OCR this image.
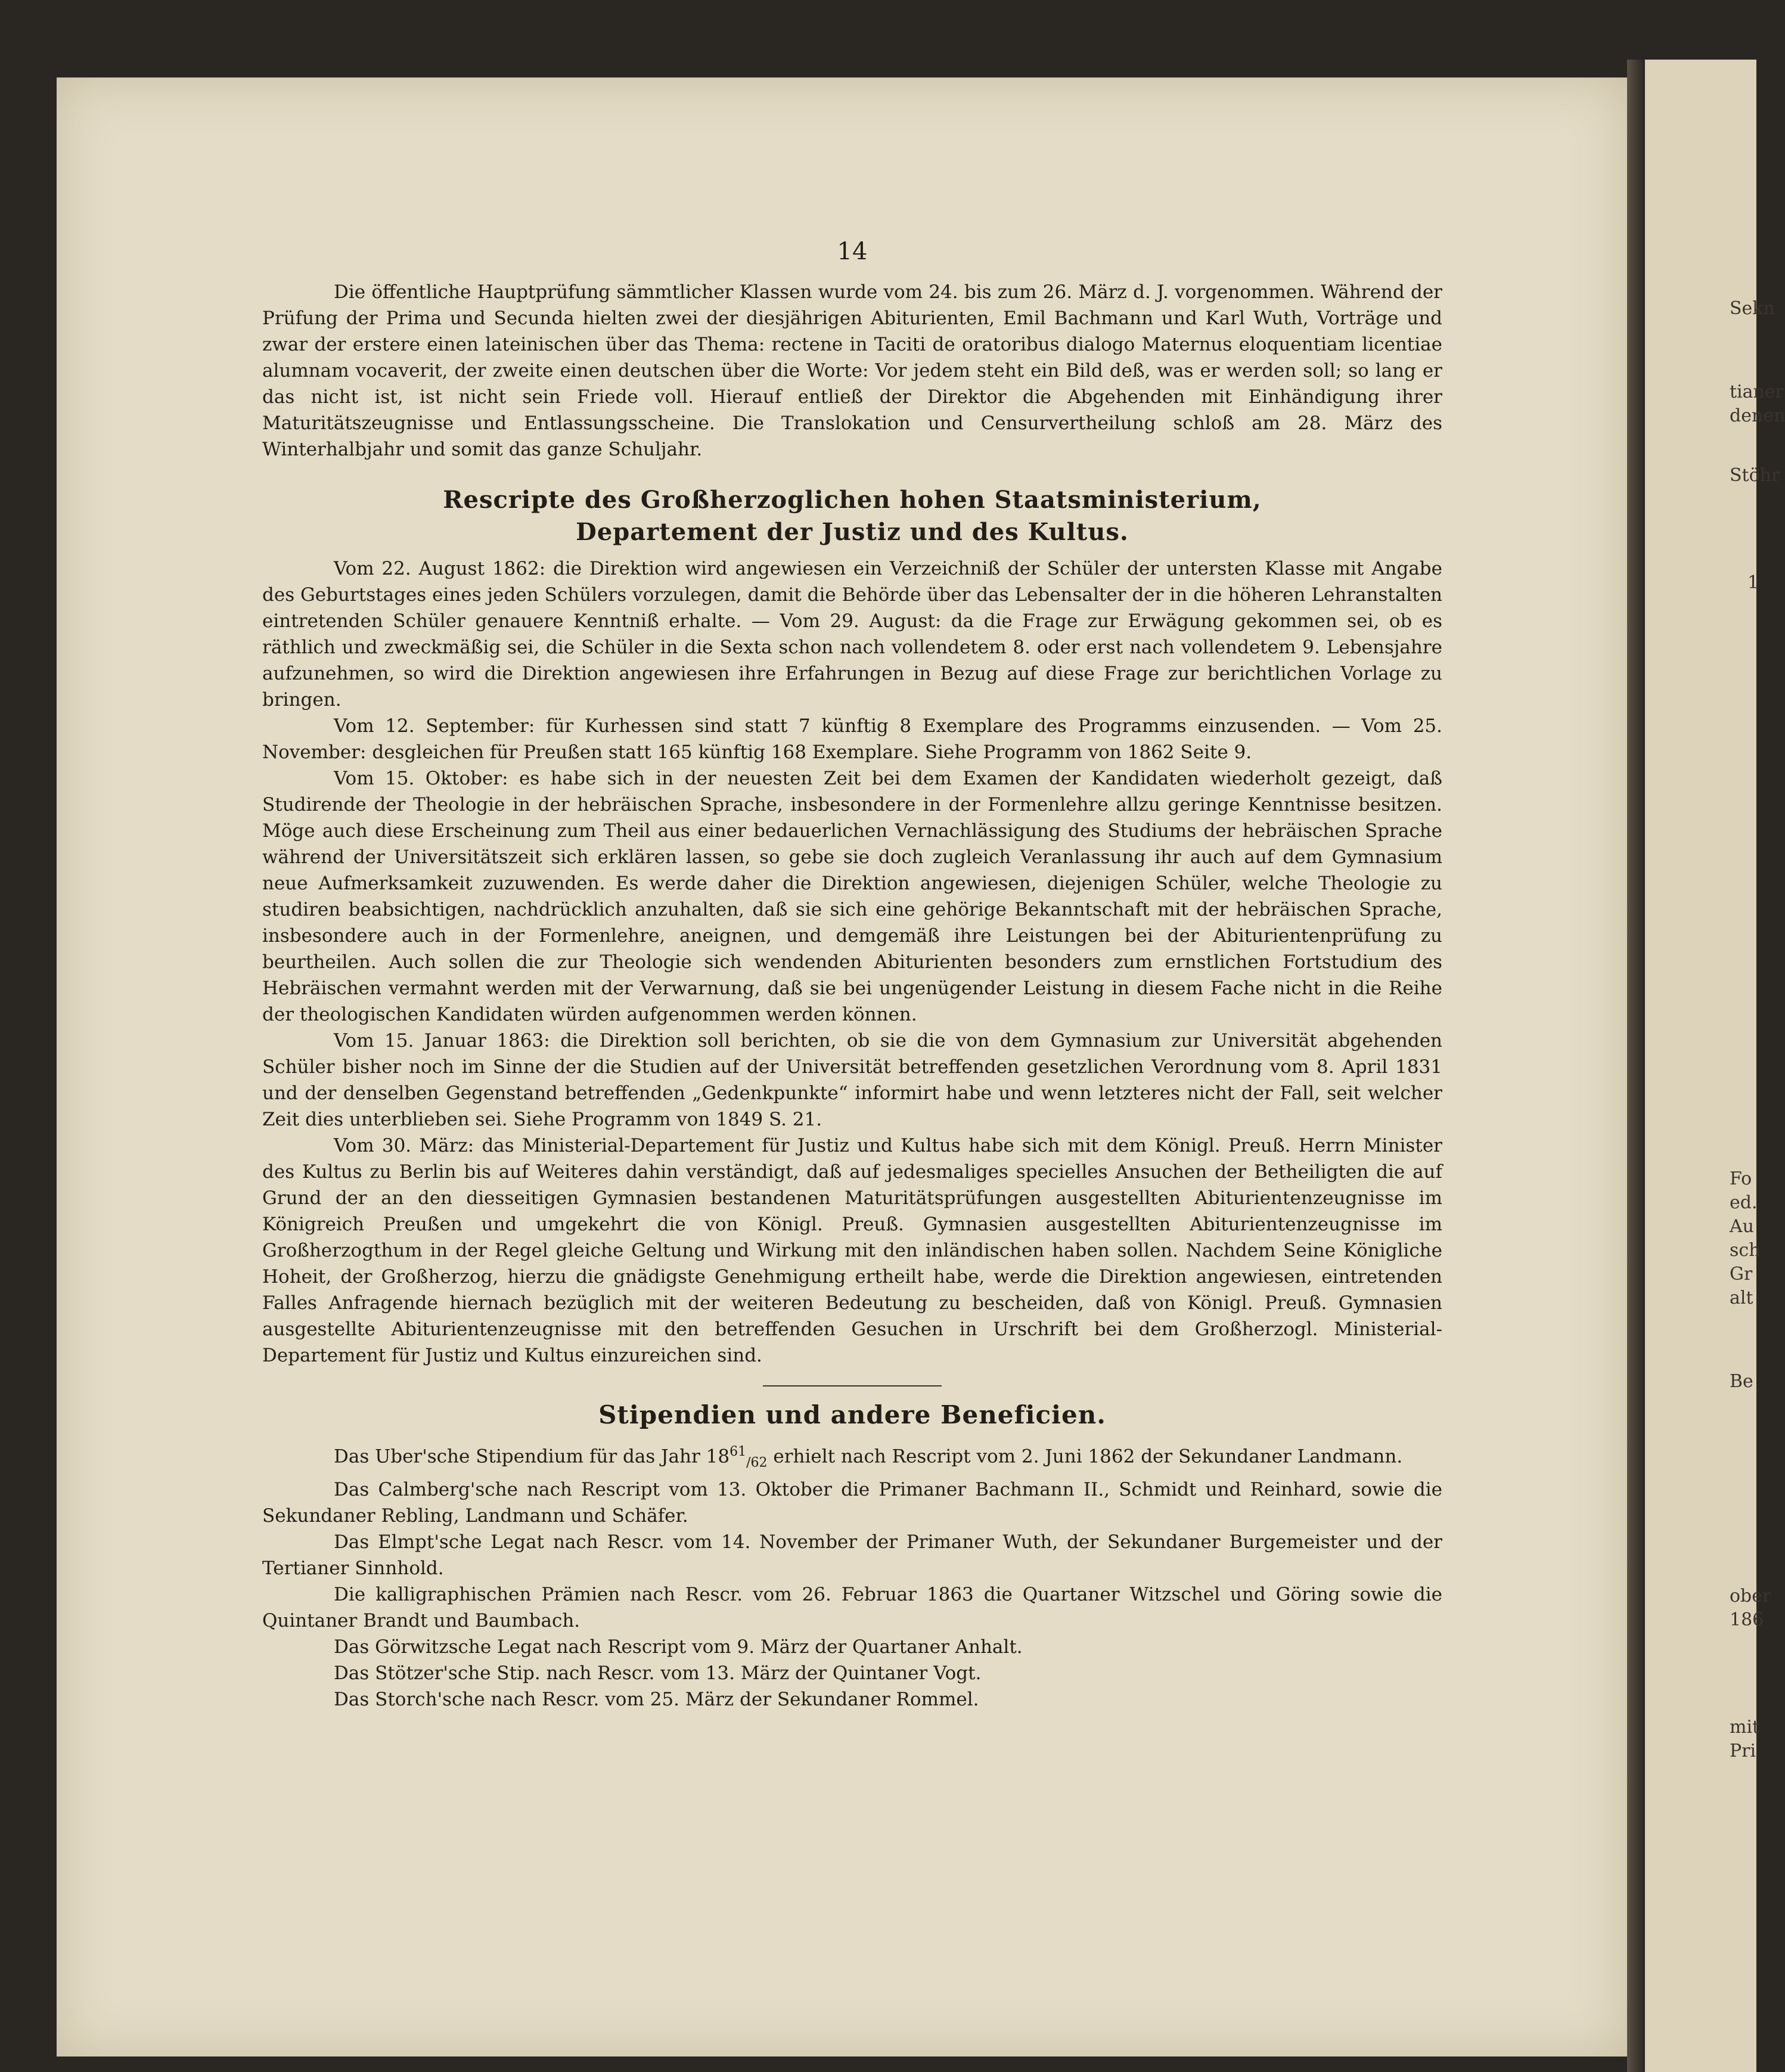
Sekn
tianer
denen
Stöhr
1
Fo
ed.
Au
sch
Gr
alt
Be
ober
186
mit
Pri
14
Die öffentliche Hauptprüfung sämmtlicher Klassen wurde vom 24. bis zum 26. März d. J. vorgenommen. Während der Prüfung der Prima und Secunda hielten zwei der diesjährigen Abiturienten, Emil Bachmann und Karl Wuth, Vorträge und zwar der erstere einen lateinischen über das Thema: rectene in Taciti de oratoribus dialogo Maternus eloquentiam licentiae alumnam vocaverit, der zweite einen deutschen über die Worte: Vor jedem steht ein Bild deß, was er werden soll; so lang er das nicht ist, ist nicht sein Friede voll. Hierauf entließ der Direktor die Abgehenden mit Einhändigung ihrer Maturitätszeugnisse und Entlassungsscheine. Die Translokation und Censurvertheilung schloß am 28. März des Winterhalbjahr und somit das ganze Schuljahr.
Rescripte des Großherzoglichen hohen Staatsministerium,
Departement der Justiz und des Kultus.
Vom 22. August 1862: die Direktion wird angewiesen ein Verzeichniß der Schüler der untersten Klasse mit Angabe des Geburtstages eines jeden Schülers vorzulegen, damit die Behörde über das Lebensalter der in die höheren Lehranstalten eintretenden Schüler genauere Kenntniß erhalte. — Vom 29. August: da die Frage zur Erwägung gekommen sei, ob es räthlich und zweckmäßig sei, die Schüler in die Sexta schon nach vollendetem 8. oder erst nach vollendetem 9. Lebensjahre aufzunehmen, so wird die Direktion angewiesen ihre Erfahrungen in Bezug auf diese Frage zur berichtlichen Vorlage zu bringen.
Vom 12. September: für Kurhessen sind statt 7 künftig 8 Exemplare des Programms einzusenden. — Vom 25. November: desgleichen für Preußen statt 165 künftig 168 Exemplare. Siehe Programm von 1862 Seite 9.
Vom 15. Oktober: es habe sich in der neuesten Zeit bei dem Examen der Kandidaten wiederholt gezeigt, daß Studirende der Theologie in der hebräischen Sprache, insbesondere in der Formenlehre allzu geringe Kenntnisse besitzen. Möge auch diese Erscheinung zum Theil aus einer bedauerlichen Vernachlässigung des Studiums der hebräischen Sprache während der Universitätszeit sich erklären lassen, so gebe sie doch zugleich Veranlassung ihr auch auf dem Gymnasium neue Aufmerksamkeit zuzuwenden. Es werde daher die Direktion angewiesen, diejenigen Schüler, welche Theologie zu studiren beabsichtigen, nachdrücklich anzuhalten, daß sie sich eine gehörige Bekanntschaft mit der hebräischen Sprache, insbesondere auch in der Formenlehre, aneignen, und demgemäß ihre Leistungen bei der Abiturientenprüfung zu beurtheilen. Auch sollen die zur Theologie sich wendenden Abiturienten besonders zum ernstlichen Fortstudium des Hebräischen vermahnt werden mit der Verwarnung, daß sie bei ungenügender Leistung in diesem Fache nicht in die Reihe der theologischen Kandidaten würden aufgenommen werden können.
Vom 15. Januar 1863: die Direktion soll berichten, ob sie die von dem Gymnasium zur Universität abgehenden Schüler bisher noch im Sinne der die Studien auf der Universität betreffenden gesetzlichen Verordnung vom 8. April 1831 und der denselben Gegenstand betreffenden „Gedenkpunkte“ informirt habe und wenn letzteres nicht der Fall, seit welcher Zeit dies unterblieben sei. Siehe Programm von 1849 S. 21.
Vom 30. März: das Ministerial-Departement für Justiz und Kultus habe sich mit dem Königl. Preuß. Herrn Minister des Kultus zu Berlin bis auf Weiteres dahin verständigt, daß auf jedesmaliges specielles Ansuchen der Betheiligten die auf Grund der an den diesseitigen Gymnasien bestandenen Maturitätsprüfungen ausgestellten Abiturientenzeugnisse im Königreich Preußen und umgekehrt die von Königl. Preuß. Gymnasien ausgestellten Abiturientenzeugnisse im Großherzogthum in der Regel gleiche Geltung und Wirkung mit den inländischen haben sollen. Nachdem Seine Königliche Hoheit, der Großherzog, hierzu die gnädigste Genehmigung ertheilt habe, werde die Direktion angewiesen, eintretenden Falles Anfragende hiernach bezüglich mit der weiteren Bedeutung zu bescheiden, daß von Königl. Preuß. Gymnasien ausgestellte Abiturientenzeugnisse mit den betreffenden Gesuchen in Urschrift bei dem Großherzogl. Ministerial-Departement für Justiz und Kultus einzureichen sind.
Stipendien und andere Beneficien.
Das Uber'sche Stipendium für das Jahr $18^{61}_{/62}$ erhielt nach Rescript vom 2. Juni 1862 der Sekundaner Landmann.
Das Calmberg'sche nach Rescript vom 13. Oktober die Primaner Bachmann II., Schmidt und Reinhard, sowie die Sekundaner Rebling, Landmann und Schäfer.
Das Elmpt'sche Legat nach Rescr. vom 14. November der Primaner Wuth, der Sekundaner Burgemeister und der Tertianer Sinnhold.
Die kalligraphischen Prämien nach Rescr. vom 26. Februar 1863 die Quartaner Witzschel und Göring sowie die Quintaner Brandt und Baumbach.
Das Görwitzsche Legat nach Rescript vom 9. März der Quartaner Anhalt.
Das Stötzer'sche Stip. nach Rescr. vom 13. März der Quintaner Vogt.
Das Storch'sche nach Rescr. vom 25. März der Sekundaner Rommel.
